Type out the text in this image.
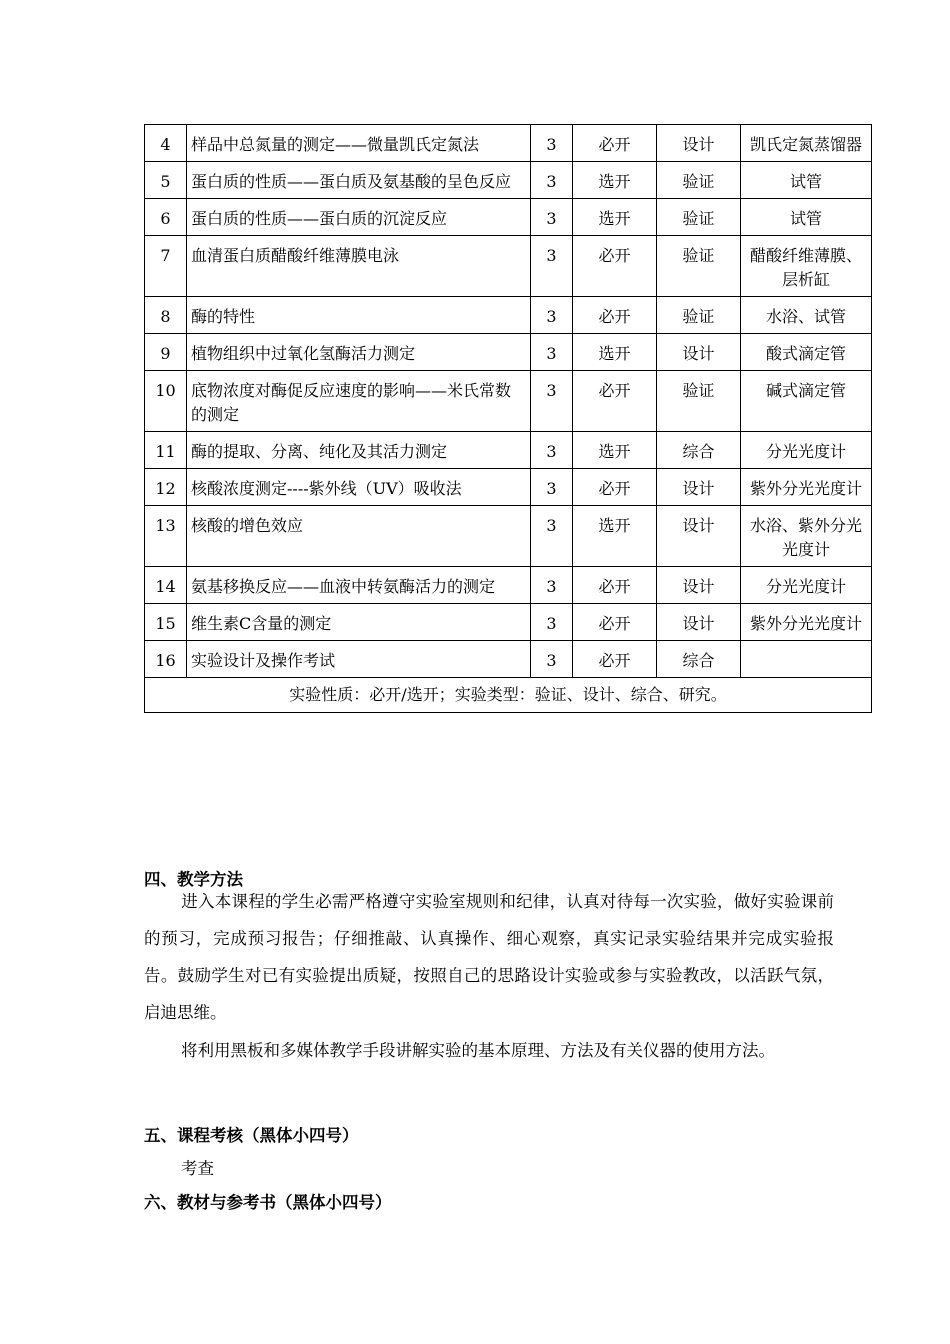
4	样品中总氮量的测定——微量凯氏定氮法	3	必开	设计	凯氏定氮蒸馏器
5	蛋白质的性质——蛋白质及氨基酸的呈色反应	3	选开	验证	试管
6	蛋白质的性质——蛋白质的沉淀反应	3	选开	验证	试管
7	血清蛋白质醋酸纤维薄膜电泳	3	必开	验证	醋酸纤维薄膜、层析缸
8	酶的特性	3	必开	验证	水浴、试管
9	植物组织中过氧化氢酶活力测定	3	选开	设计	酸式滴定管
10	底物浓度对酶促反应速度的影响——米氏常数的测定	3	必开	验证	碱式滴定管
11	酶的提取、分离、纯化及其活力测定	3	选开	综合	分光光度计
12	核酸浓度测定----紫外线（UV）吸收法	3	必开	设计	紫外分光光度计
13	核酸的增色效应	3	选开	设计	水浴、紫外分光光度计
14	氨基移换反应——血液中转氨酶活力的测定	3	必开	设计	分光光度计
15	维生素C含量的测定	3	必开	设计	紫外分光光度计
16	实验设计及操作考试	3	必开	综合	
实验性质：必开/选开；实验类型：验证、设计、综合、研究。					
四、教学方法
进入本课程的学生必需严格遵守实验室规则和纪律，认真对待每一次实验，做好实验课前的预习，完成预习报告；仔细推敲、认真操作、细心观察，真实记录实验结果并完成实验报告。鼓励学生对已有实验提出质疑，按照自己的思路设计实验或参与实验教改，以活跃气氛，启迪思维。
将利用黑板和多媒体教学手段讲解实验的基本原理、方法及有关仪器的使用方法。
五、课程考核（黑体小四号）
考查
六、教材与参考书（黑体小四号）
